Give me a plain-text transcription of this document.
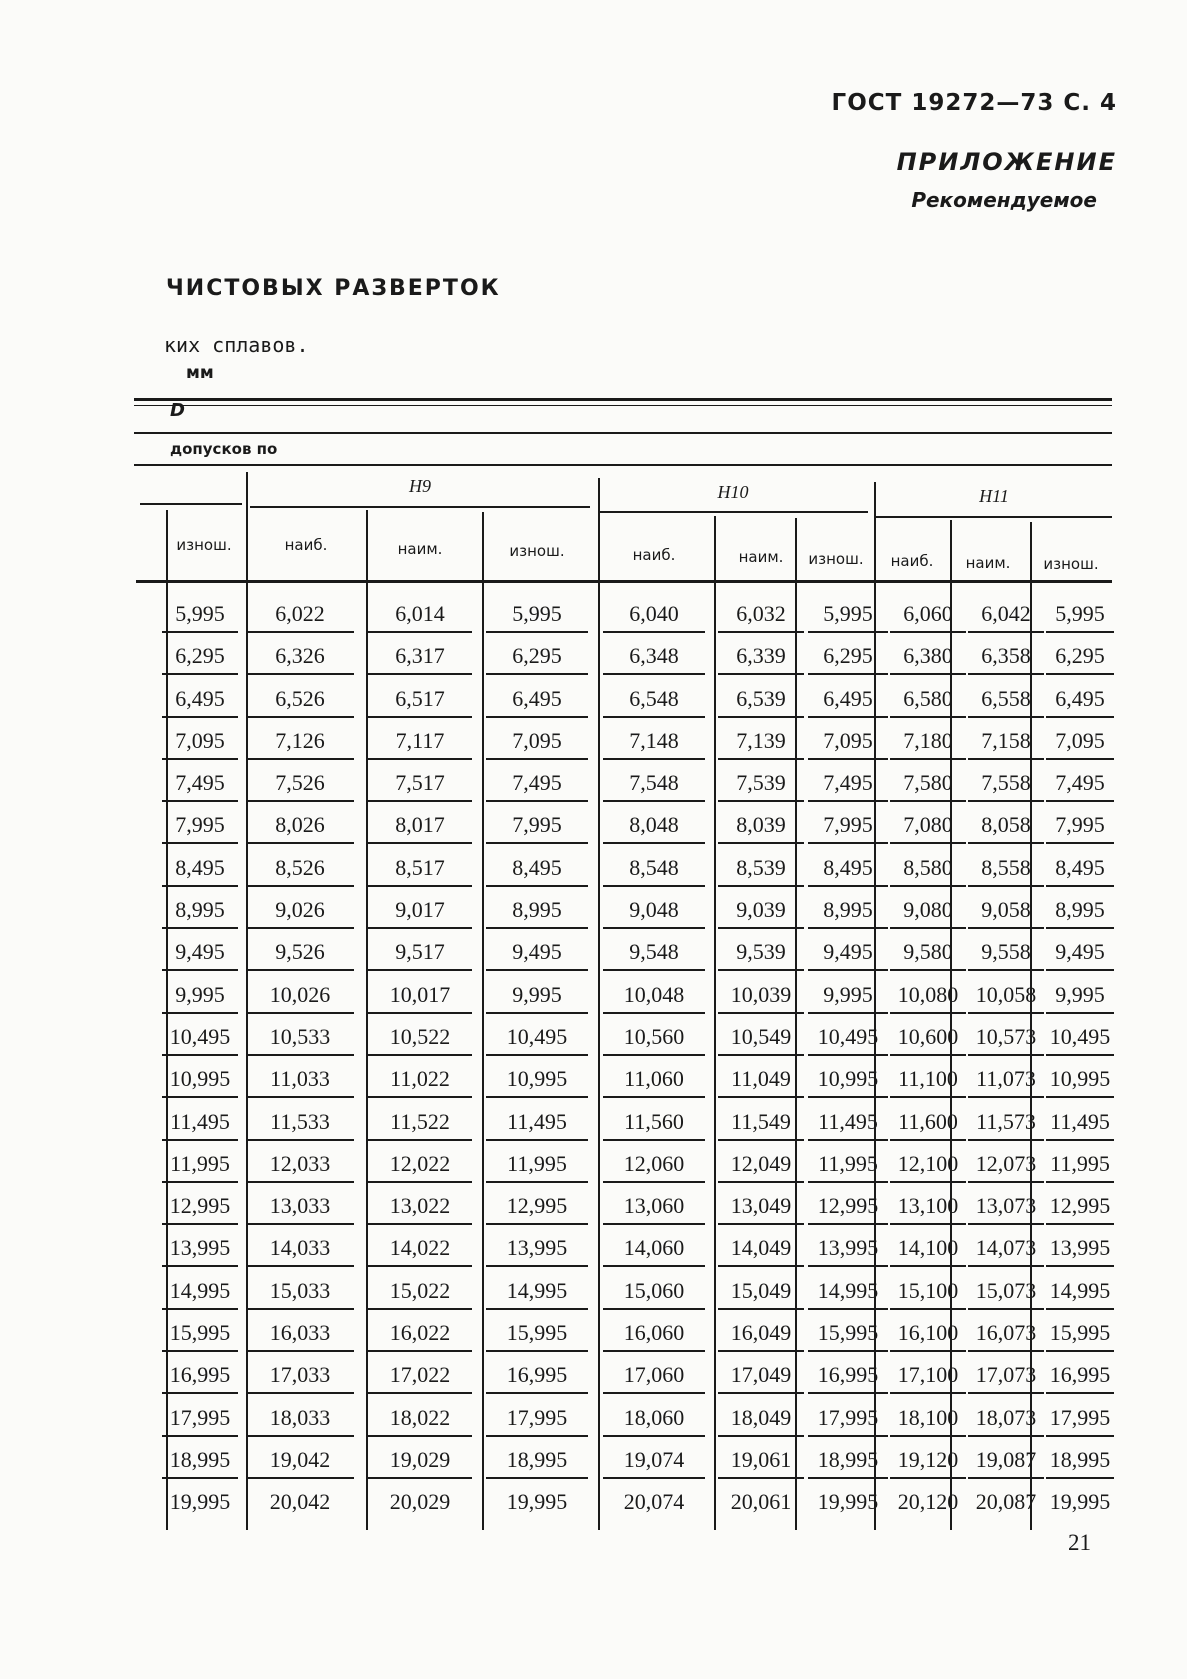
ГОСТ 19272—73 С. 4
ПРИЛОЖЕНИЕ
Рекомендуемое
ЧИСТОВЫХ РАЗВЕРТОК
ких сплавов.
мм
D
допусков по
H9	H10	H11
изнош.	наиб.	наим.	изнош.	наиб.	наим.	изнош.	наиб.	наим.	изнош.
5,995	6,022	6,014	5,995	6,040	6,032	5,995	6,060	6,042	5,995
6,295	6,326	6,317	6,295	6,348	6,339	6,295	6,380	6,358	6,295
6,495	6,526	6,517	6,495	6,548	6,539	6,495	6,580	6,558	6,495
7,095	7,126	7,117	7,095	7,148	7,139	7,095	7,180	7,158	7,095
7,495	7,526	7,517	7,495	7,548	7,539	7,495	7,580	7,558	7,495
7,995	8,026	8,017	7,995	8,048	8,039	7,995	7,080	8,058	7,995
8,495	8,526	8,517	8,495	8,548	8,539	8,495	8,580	8,558	8,495
8,995	9,026	9,017	8,995	9,048	9,039	8,995	9,080	9,058	8,995
9,495	9,526	9,517	9,495	9,548	9,539	9,495	9,580	9,558	9,495
9,995	10,026	10,017	9,995	10,048	10,039	9,995	10,080 10,058 9,995
10,495	10,533	10,522	10,495	10,560	10,549	10,495 10,600 10,573 10,495
10,995	11,033	11,022	10,995	11,060	11,049	10,995 11,100 11,073 10,995
11,495	11,533	11,522	11,495	11,560	11,549	11,495 11,600 11,573 11,495
11,995	12,033	12,022	11,995	12,060	12,049	11,995 12,100 12,073 11,995
12,995	13,033	13,022	12,995	13,060	13,049	12,995 13,100 13,073 12,995
13,995	14,033	14,022	13,995	14,060	14,049	13,995 14,100 14,073 13,995
14,995	15,033	15,022	14,995	15,060	15,049	14,995 15,100 15,073 14,995
15,995	16,033	16,022	15,995	16,060	16,049	15,995 16,100 16,073 15,995
16,995	17,033	17,022	16,995	17,060	17,049	16,995 17,100 17,073 16,995
17,995	18,033	18,022	17,995	18,060	18,049	17,995 18,100 18,073 17,995
18,995	19,042	19,029	18,995	19,074	19,061	18,995 19,120 19,087 18,995
19,995	20,042	20,029	19,995	20,074	20,061	19,995 20,120 20,087 19,995
21
